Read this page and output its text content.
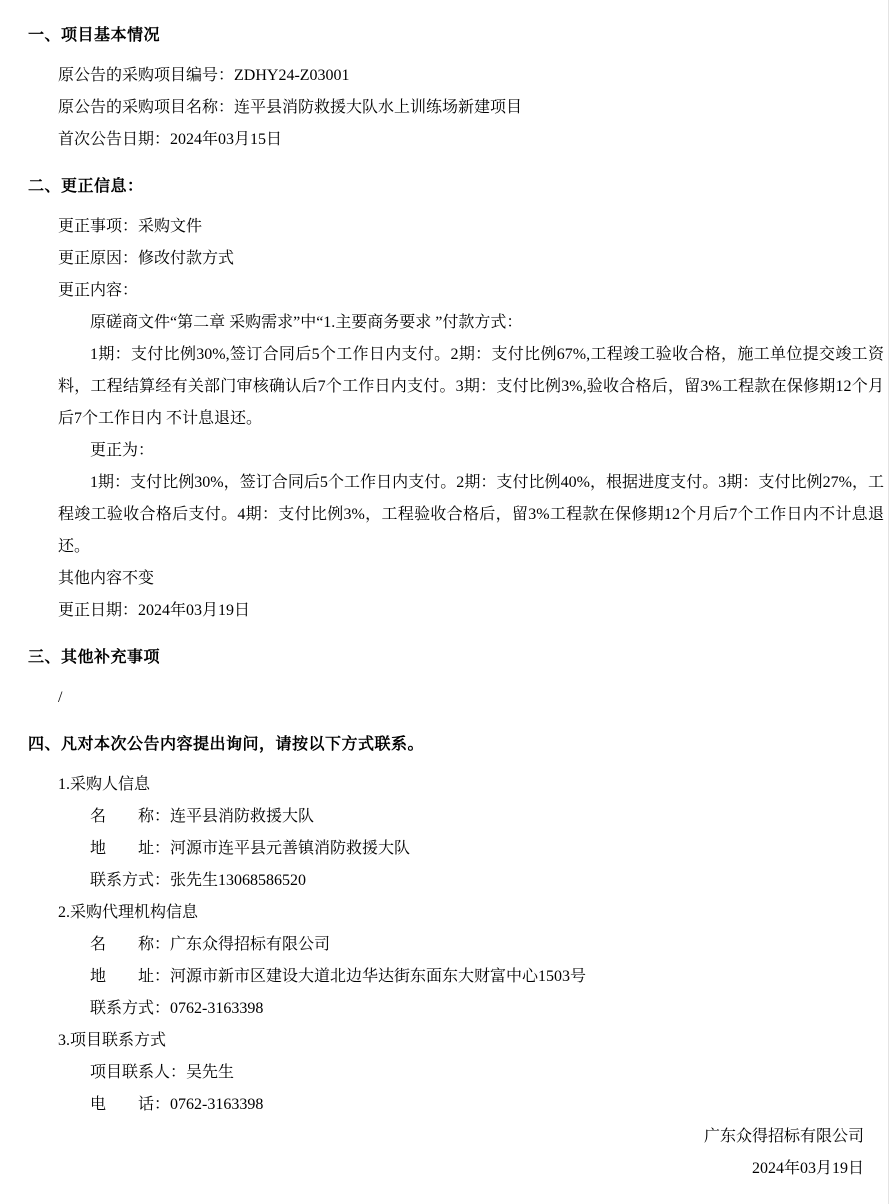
一、项目基本情况
原公告的采购项目编号：ZDHY24-Z03001
原公告的采购项目名称：连平县消防救援大队水上训练场新建项目
首次公告日期：2024年03月15日
二、更正信息：
更正事项：采购文件
更正原因：修改付款方式
更正内容：
原磋商文件“第二章 采购需求”中“1.主要商务要求 ”付款方式：
1期：支付比例30%,签订合同后5个工作日内支付。2期：支付比例67%,工程竣工验收合格，施工单位提交竣工资料，工程结算经有关部门审核确认后7个工作日内支付。3期：支付比例3%,验收合格后，留3%工程款在保修期12个月后7个工作日内 不计息退还。
更正为：
1期：支付比例30%，签订合同后5个工作日内支付。2期：支付比例40%，根据进度支付。3期：支付比例27%，工程竣工验收合格后支付。4期：支付比例3%，工程验收合格后，留3%工程款在保修期12个月后7个工作日内不计息退还。
其他内容不变
更正日期：2024年03月19日
三、其他补充事项
/
四、凡对本次公告内容提出询问，请按以下方式联系。
1.采购人信息
名　　称：连平县消防救援大队
地　　址：河源市连平县元善镇消防救援大队
联系方式：张先生13068586520
2.采购代理机构信息
名　　称：广东众得招标有限公司
地　　址：河源市新市区建设大道北边华达街东面东大财富中心1503号
联系方式：0762-3163398
3.项目联系方式
项目联系人：吴先生
电　　话：0762-3163398
广东众得招标有限公司
2024年03月19日
